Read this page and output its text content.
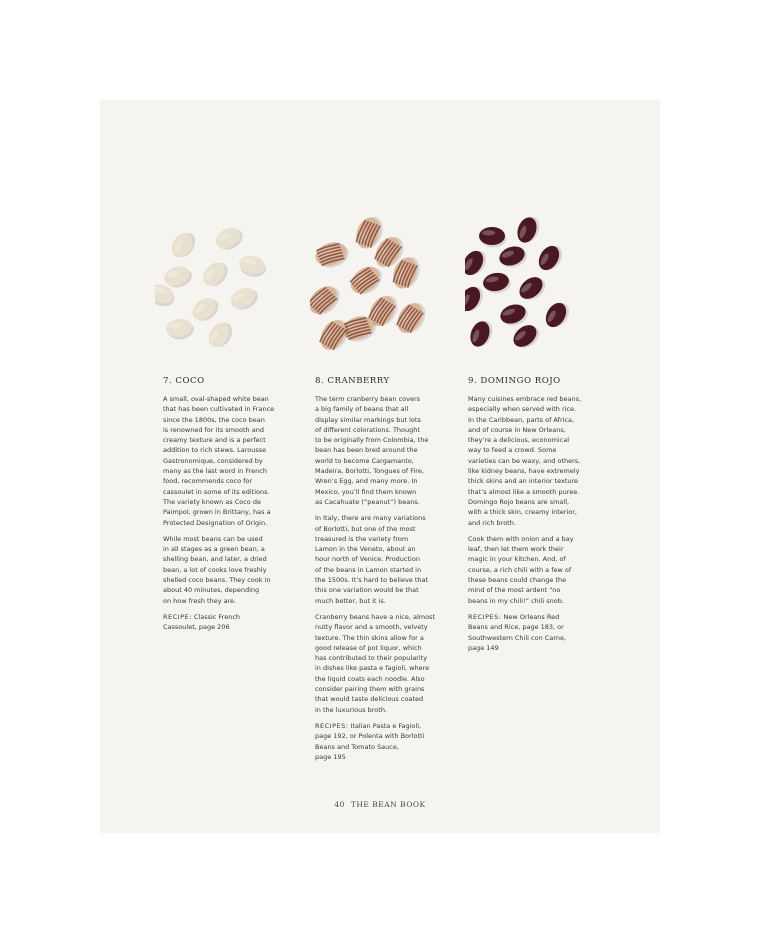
7. COCO
A small, oval-shaped white bean
that has been cultivated in France
since the 1800s, the coco bean
is renowned for its smooth and
creamy texture and is a perfect
addition to rich stews. Larousse
Gastronomique, considered by
many as the last word in French
food, recommends coco for
cassoulet in some of its editions.
The variety known as Coco de
Paimpol, grown in Brittany, has a
Protected Designation of Origin.
While most beans can be used
in all stages as a green bean, a
shelling bean, and later, a dried
bean, a lot of cooks love freshly
shelled coco beans. They cook in
about 40 minutes, depending
on how fresh they are.
RECIPE: Classic French
Cassoulet, page 206
8. CRANBERRY
The term cranberry bean covers
a big family of beans that all
display similar markings but lots
of different colorations. Thought
to be originally from Colombia, the
bean has been bred around the
world to become Cargamanto,
Madeira, Borlotti, Tongues of Fire,
Wren’s Egg, and many more. In
Mexico, you’ll find them known
as Cacahuate (“peanut”) beans.
In Italy, there are many variations
of Borlotti, but one of the most
treasured is the variety from
Lamon in the Veneto, about an
hour north of Venice. Production
of the beans in Lamon started in
the 1500s. It’s hard to believe that
this one variation would be that
much better, but it is.
Cranberry beans have a nice, almost
nutty flavor and a smooth, velvety
texture. The thin skins allow for a
good release of pot liquor, which
has contributed to their popularity
in dishes like pasta e fagioli, where
the liquid coats each noodle. Also
consider pairing them with grains
that would taste delicious coated
in the luxurious broth.
RECIPES: Italian Pasta e Fagioli,
page 192, or Polenta with Borlotti
Beans and Tomato Sauce,
page 195
9. DOMINGO ROJO
Many cuisines embrace red beans,
especially when served with rice.
In the Caribbean, parts of Africa,
and of course in New Orleans,
they’re a delicious, economical
way to feed a crowd. Some
varieties can be waxy, and others,
like kidney beans, have extremely
thick skins and an interior texture
that’s almost like a smooth puree.
Domingo Rojo beans are small,
with a thick skin, creamy interior,
and rich broth.
Cook them with onion and a bay
leaf, then let them work their
magic in your kitchen. And, of
course, a rich chili with a few of
these beans could change the
mind of the most ardent “no
beans in my chili!” chili snob.
RECIPES: New Orleans Red
Beans and Rice, page 183, or
Southwestern Chili con Carne,
page 149
40 THE BEAN BOOK
